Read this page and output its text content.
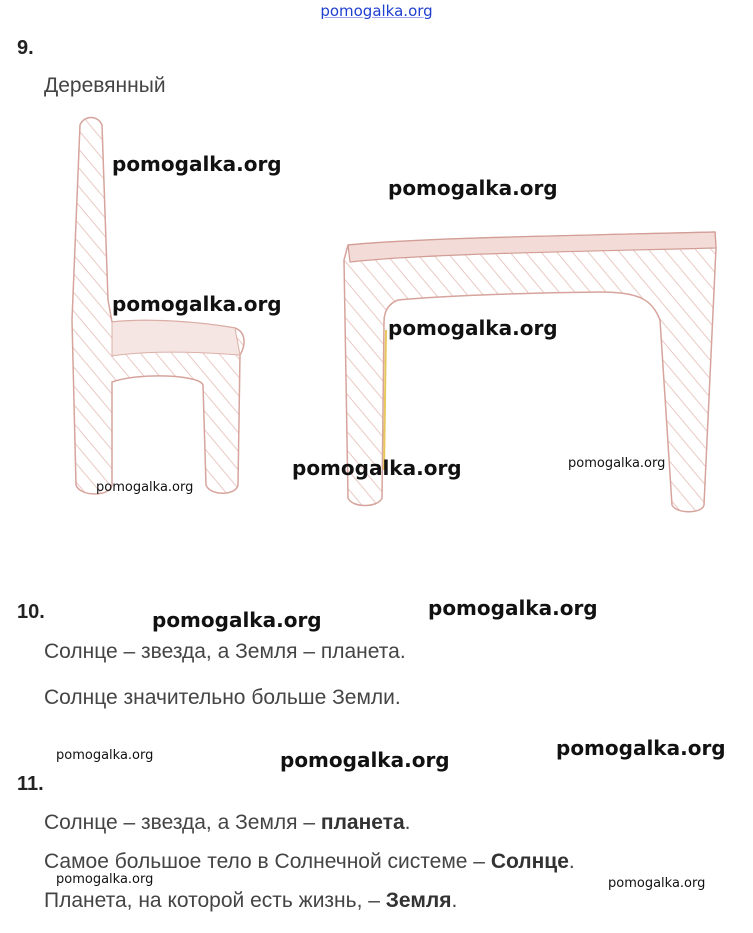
pomogalka.org
9.
Деревянный
pomogalka.org
pomogalka.org
pomogalka.org
pomogalka.org
pomogalka.org	pomogalka.org
pomogalka.org
10.	pomogalka.org	pomogalka.org
Солнце – звезда, а Земля – планета.
Солнце значительно больше Земли.
pomogalka.org	pomogalka.org	pomogalka.org
11.
Солнце – звезда, а Земля – планета.
Самое большое тело в Солнечной системе – Солнце.
pomogalka.org	pomogalka.org
Планета, на которой есть жизнь, – Земля.
